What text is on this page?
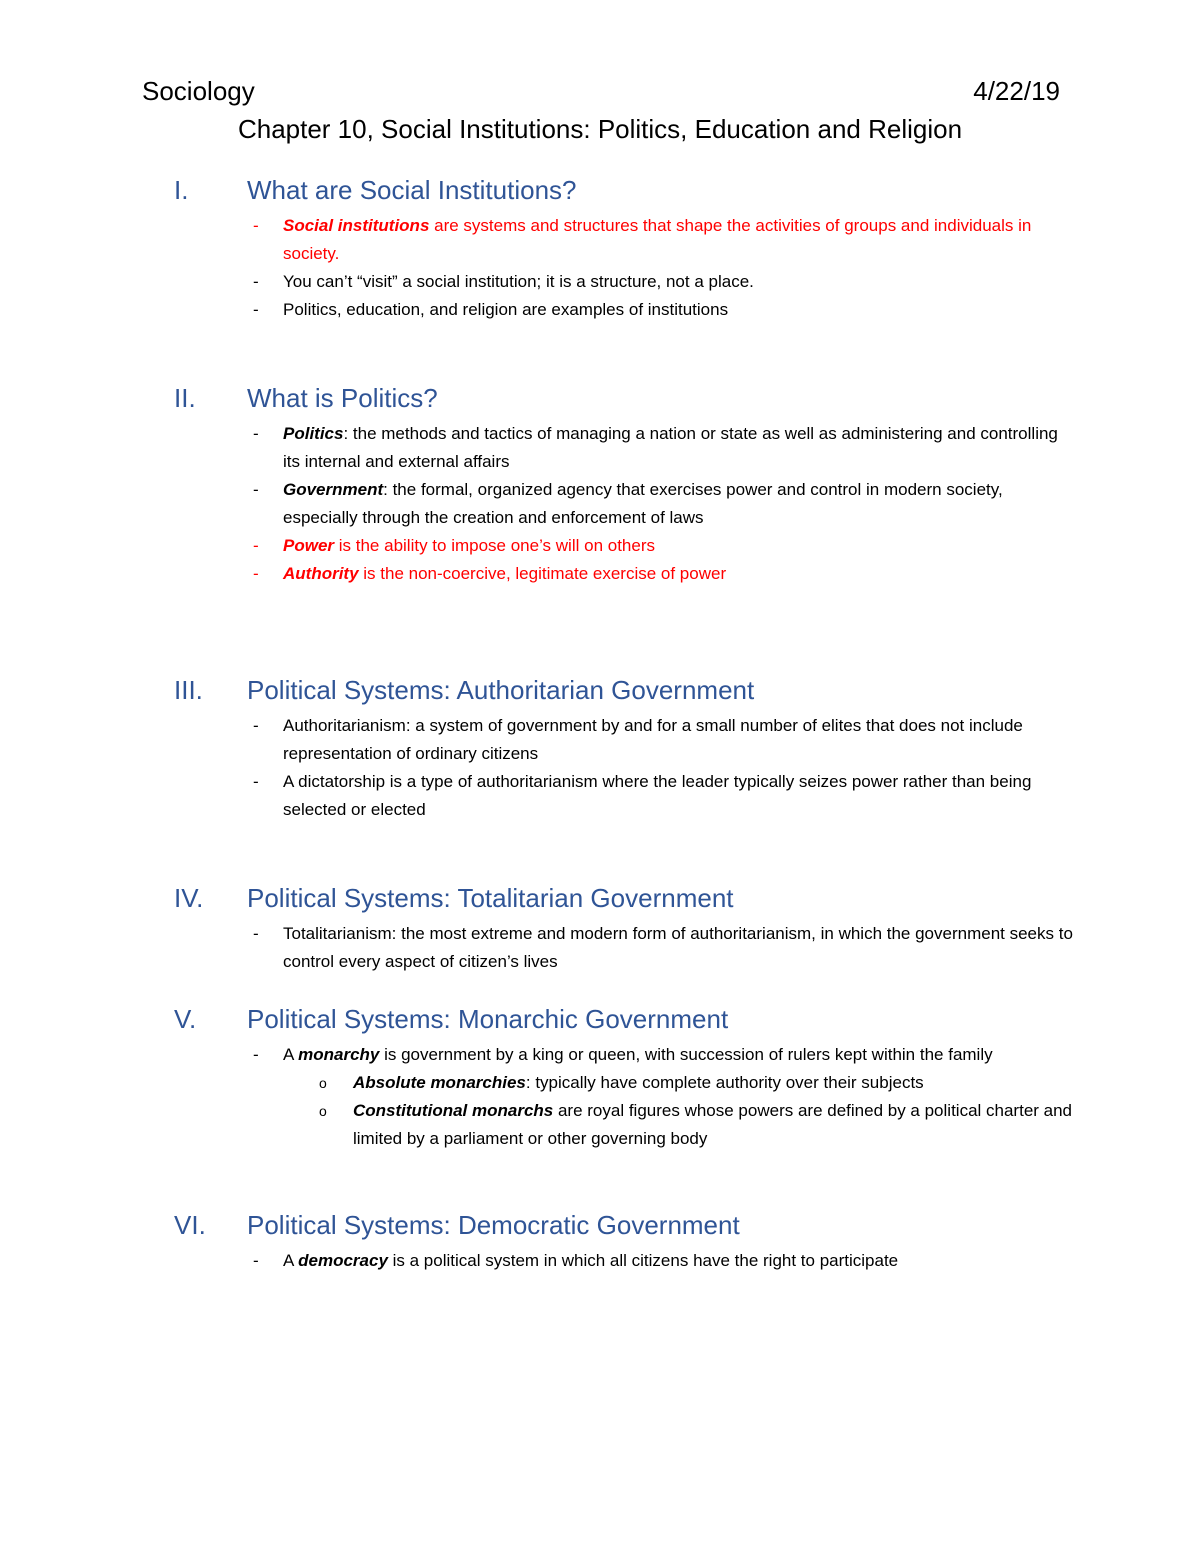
Sociology	4/22/19
Chapter 10, Social Institutions: Politics, Education and Religion
I. What are Social Institutions?
- Social institutions are systems and structures that shape the activities of groups and individuals in society.
- You can’t “visit” a social institution; it is a structure, not a place.
- Politics, education, and religion are examples of institutions
II. What is Politics?
- Politics: the methods and tactics of managing a nation or state as well as administering and controlling its internal and external affairs
- Government: the formal, organized agency that exercises power and control in modern society, especially through the creation and enforcement of laws
- Power is the ability to impose one’s will on others
- Authority is the non-coercive, legitimate exercise of power
III. Political Systems: Authoritarian Government
- Authoritarianism: a system of government by and for a small number of elites that does not include representation of ordinary citizens
- A dictatorship is a type of authoritarianism where the leader typically seizes power rather than being selected or elected
IV. Political Systems: Totalitarian Government
- Totalitarianism: the most extreme and modern form of authoritarianism, in which the government seeks to control every aspect of citizen’s lives
V. Political Systems: Monarchic Government
- A monarchy is government by a king or queen, with succession of rulers kept within the family
o Absolute monarchies: typically have complete authority over their subjects
o Constitutional monarchs are royal figures whose powers are defined by a political charter and limited by a parliament or other governing body
VI. Political Systems: Democratic Government
- A democracy is a political system in which all citizens have the right to participate
